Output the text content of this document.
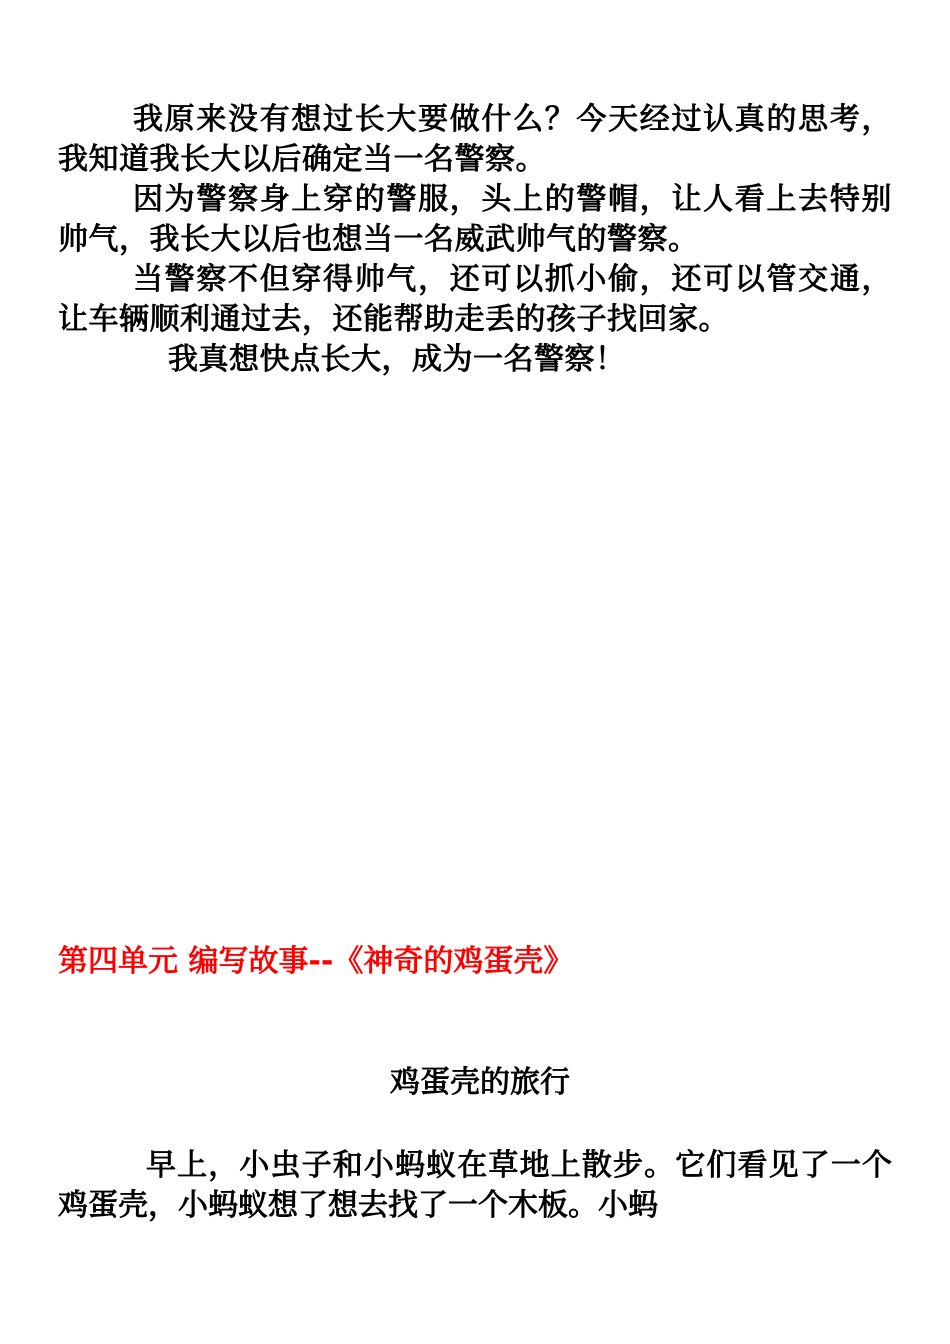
我原来没有想过长大要做什么？今天经过认真的思考，我知道我长大以后确定当一名警察。

因为警察身上穿的警服，头上的警帽，让人看上去特别帅气，我长大以后也想当一名威武帅气的警察。

当警察不但穿得帅气，还可以抓小偷，还可以管交通，让车辆顺利通过去，还能帮助走丢的孩子找回家。

我真想快点长大，成为一名警察！

第四单元 编写故事--《神奇的鸡蛋壳》
鸡蛋壳的旅行

早上，小虫子和小蚂蚁在草地上散步。它们看见了一个鸡蛋壳，小蚂蚁想了想去找了一个木板。小蚂
